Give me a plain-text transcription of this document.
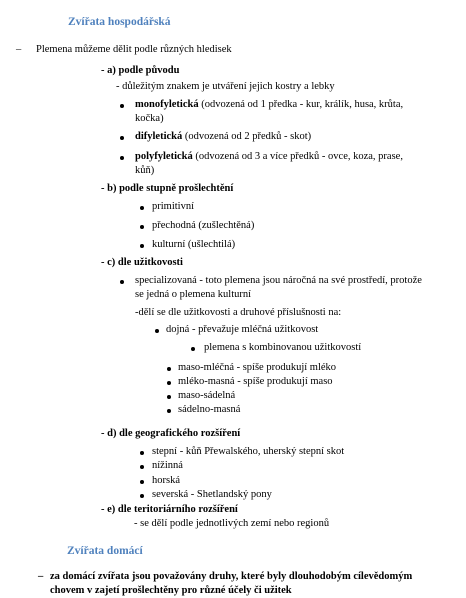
Zvířata hospodářská
– Plemena můžeme dělit podle různých hledisek
- a) podle původu
- důležitým znakem je utváření jejich kostry a lebky
monofyletická (odvozená od 1 předka - kur, králík, husa, krůta,
kočka)
difyletická (odvozená od 2 předků - skot)
polyfyletická (odvozená od 3 a více předků - ovce, koza, prase,
kůň)
- b) podle stupně prošlechtění
primitivní
přechodná (zušlechtěná)
kulturní (ušlechtilá)
- c) dle užitkovosti
specializovaná - toto plemena jsou náročná na své prostředí, protože
se jedná o plemena kulturní
-dělí se dle užitkovosti a druhové příslušnosti na:
dojná - převažuje mléčná užitkovost
plemena s kombinovanou užitkovostí
maso-mléčná - spíše produkují mléko
mléko-masná - spíše produkují maso
maso-sádelná
sádelno-masná
- d) dle geografického rozšíření
stepní - kůň Přewalského, uherský stepní skot
nížinná
horská
severská - Shetlandský pony
- e) dle teritoriárního rozšíření
- se dělí podle jednotlivých zemí nebo regionů
Zvířata domácí
– za domácí zvířata jsou považovány druhy, které byly dlouhodobým cílevědomým
chovem v zajetí prošlechtěny pro různé účely či užitek
